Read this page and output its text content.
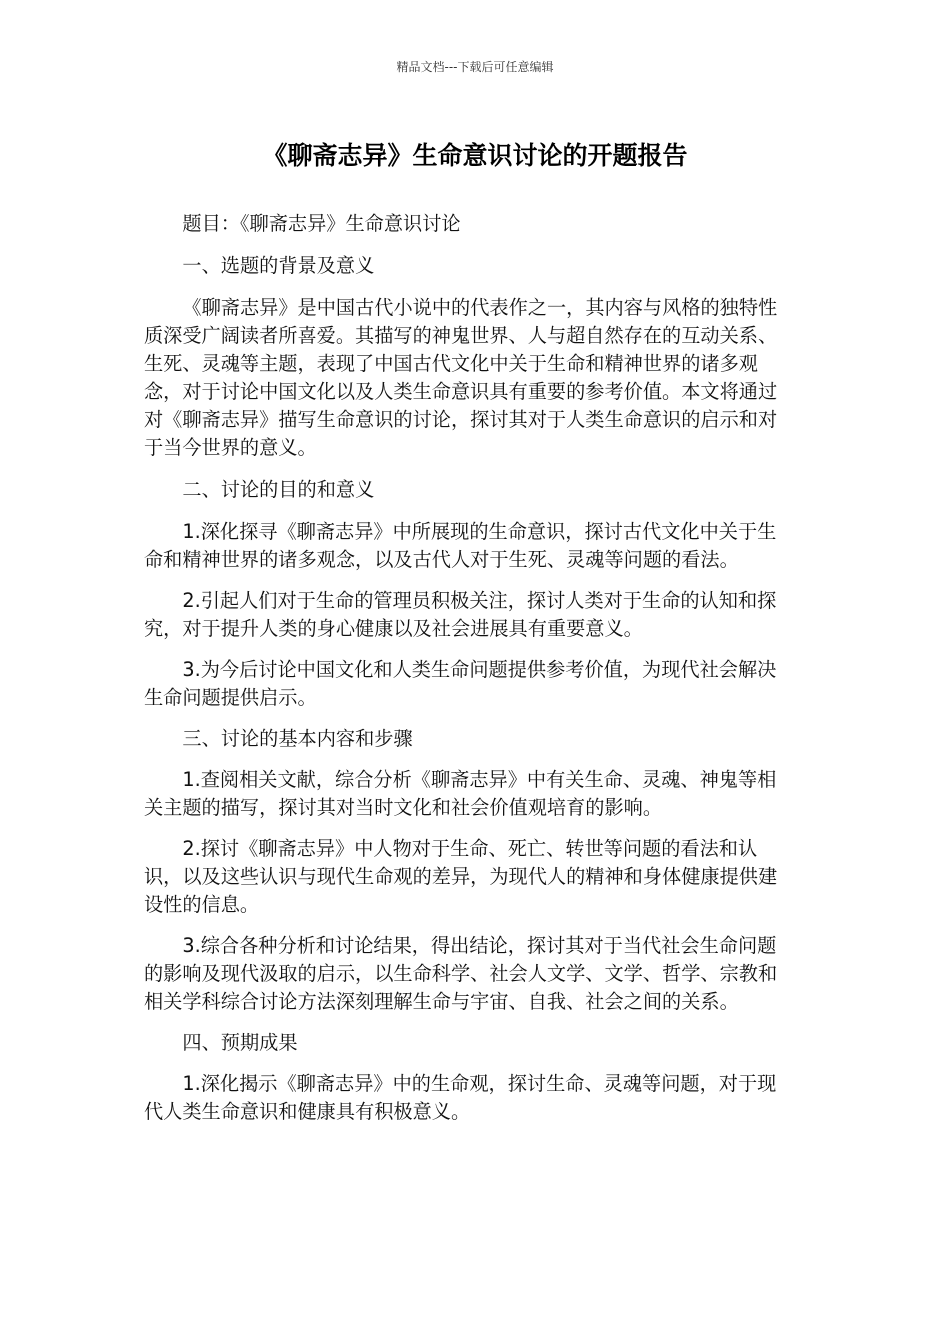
精品文档---下载后可任意编辑
《聊斋志异》生命意识讨论的开题报告

题目：《聊斋志异》生命意识讨论

一、选题的背景及意义

《聊斋志异》是中国古代小说中的代表作之一，其内容与风格的独特性质深受广阔读者所喜爱。其描写的神鬼世界、人与超自然存在的互动关系、生死、灵魂等主题，表现了中国古代文化中关于生命和精神世界的诸多观念，对于讨论中国文化以及人类生命意识具有重要的参考价值。本文将通过对《聊斋志异》描写生命意识的讨论，探讨其对于人类生命意识的启示和对于当今世界的意义。

二、讨论的目的和意义

1.深化探寻《聊斋志异》中所展现的生命意识，探讨古代文化中关于生命和精神世界的诸多观念，以及古代人对于生死、灵魂等问题的看法。

2.引起人们对于生命的管理员积极关注，探讨人类对于生命的认知和探究，对于提升人类的身心健康以及社会进展具有重要意义。

3.为今后讨论中国文化和人类生命问题提供参考价值，为现代社会解决生命问题提供启示。

三、讨论的基本内容和步骤

1.查阅相关文献，综合分析《聊斋志异》中有关生命、灵魂、神鬼等相关主题的描写，探讨其对当时文化和社会价值观培育的影响。

2.探讨《聊斋志异》中人物对于生命、死亡、转世等问题的看法和认识，以及这些认识与现代生命观的差异，为现代人的精神和身体健康提供建设性的信息。

3.综合各种分析和讨论结果，得出结论，探讨其对于当代社会生命问题的影响及现代汲取的启示，以生命科学、社会人文学、文学、哲学、宗教和相关学科综合讨论方法深刻理解生命与宇宙、自我、社会之间的关系。

四、预期成果

1.深化揭示《聊斋志异》中的生命观，探讨生命、灵魂等问题，对于现代人类生命意识和健康具有积极意义。
